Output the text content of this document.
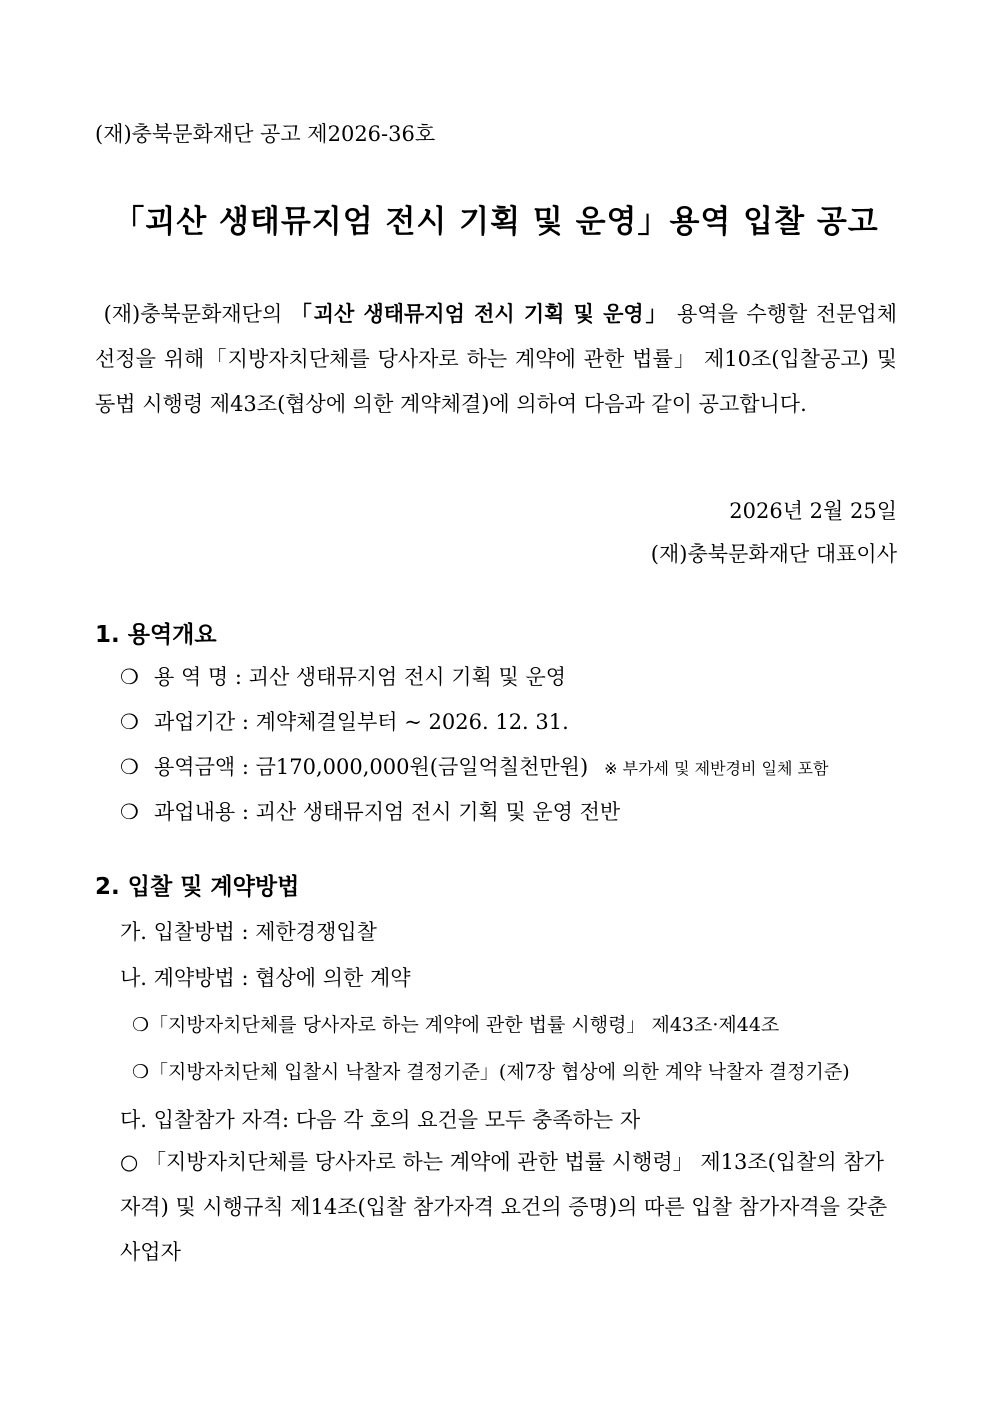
(재)충북문화재단 공고 제2026-36호
「괴산 생태뮤지엄 전시 기획 및 운영」용역 입찰 공고

(재)충북문화재단의 「괴산 생태뮤지엄 전시 기획 및 운영」 용역을 수행할 전문업체 선정을 위해「지방자치단체를 당사자로 하는 계약에 관한 법률」 제10조(입찰공고) 및 동법 시행령 제43조(협상에 의한 계약체결)에 의하여 다음과 같이 공고합니다.

2026년 2월 25일
(재)충북문화재단 대표이사
1. 용역개요
❍ 용 역 명 : 괴산 생태뮤지엄 전시 기획 및 운영
❍ 과업기간 : 계약체결일부터 ~ 2026. 12. 31.
❍ 용역금액 : 금170,000,000원(금일억칠천만원) ※ 부가세 및 제반경비 일체 포함
❍ 과업내용 : 괴산 생태뮤지엄 전시 기획 및 운영 전반
2. 입찰 및 계약방법
가. 입찰방법 : 제한경쟁입찰
나. 계약방법 : 협상에 의한 계약
❍「지방자치단체를 당사자로 하는 계약에 관한 법률 시행령」 제43조·제44조
❍「지방자치단체 입찰시 낙찰자 결정기준」(제7장 협상에 의한 계약 낙찰자 결정기준)
다. 입찰참가 자격: 다음 각 호의 요건을 모두 충족하는 자

○ 「지방자치단체를 당사자로 하는 계약에 관한 법률 시행령」 제13조(입찰의 참가자격) 및 시행규칙 제14조(입찰 참가자격 요건의 증명)의 따른 입찰 참가자격을 갖춘 사업자
